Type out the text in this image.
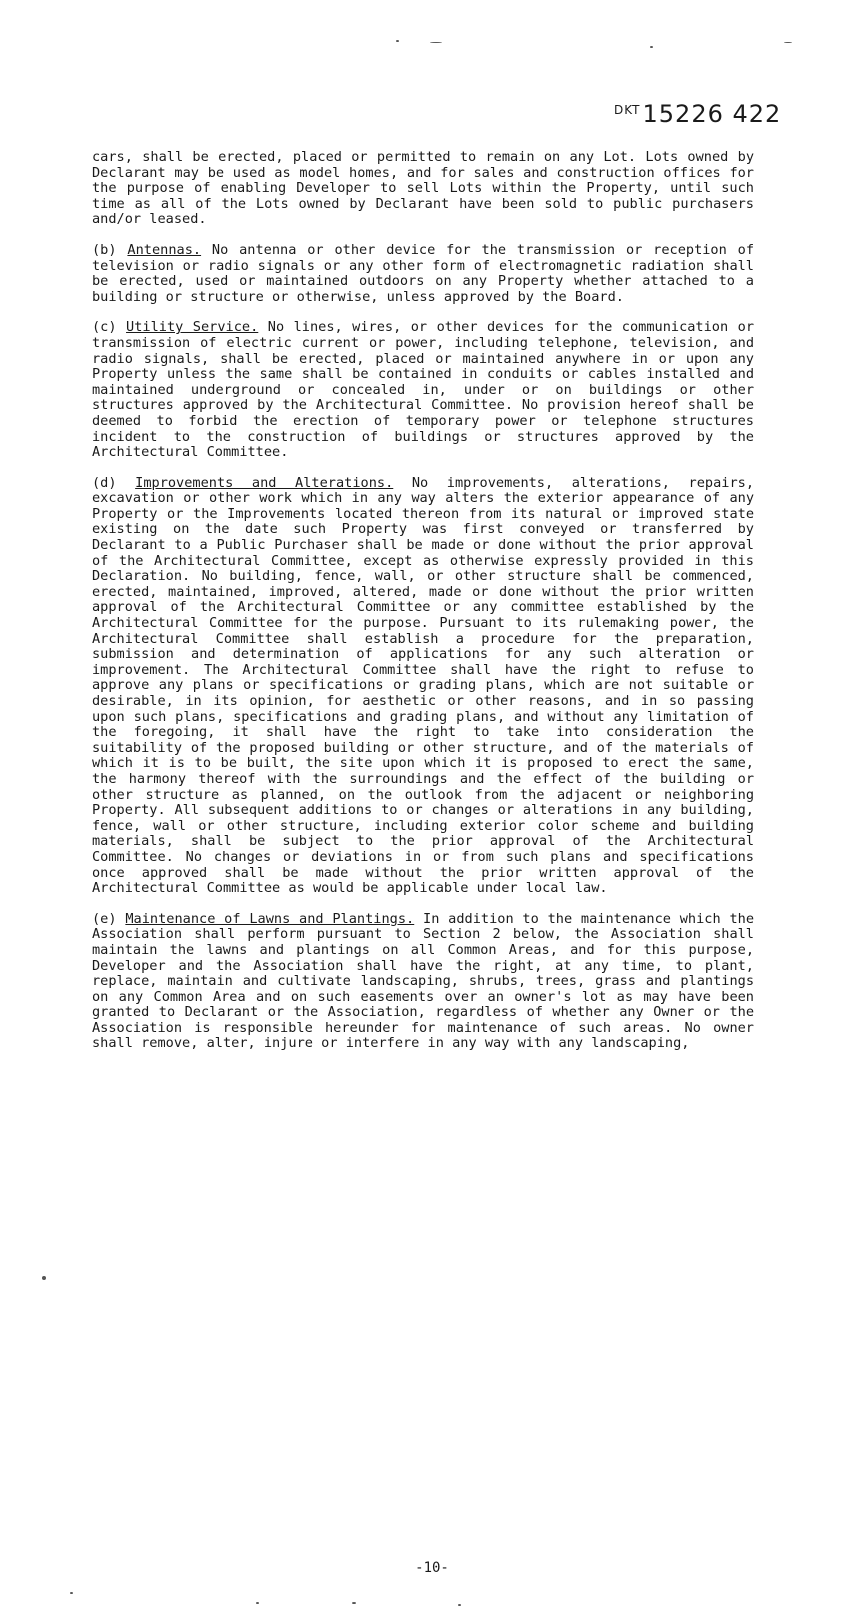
$^{DKT}$15226 422

cars, shall be erected, placed or permitted to remain on any Lot. Lots owned by Declarant may be used as model homes, and for sales and construction offices for the purpose of enabling Developer to sell Lots within the Property, until such time as all of the Lots owned by Declarant have been sold to public purchasers and/or leased.

(b) Antennas. No antenna or other device for the transmission or reception of television or radio signals or any other form of electromagnetic radiation shall be erected, used or maintained outdoors on any Property whether attached to a building or structure or otherwise, unless approved by the Board.

(c) Utility Service. No lines, wires, or other devices for the communication or transmission of electric current or power, including telephone, television, and radio signals, shall be erected, placed or maintained anywhere in or upon any Property unless the same shall be contained in conduits or cables installed and maintained underground or concealed in, under or on buildings or other structures approved by the Architectural Committee. No provision hereof shall be deemed to forbid the erection of temporary power or telephone structures incident to the construction of buildings or structures approved by the Architectural Committee.

(d) Improvements and Alterations. No improvements, alterations, repairs, excavation or other work which in any way alters the exterior appearance of any Property or the Improvements located thereon from its natural or improved state existing on the date such Property was first conveyed or transferred by Declarant to a Public Purchaser shall be made or done without the prior approval of the Architectural Committee, except as otherwise expressly provided in this Declaration. No building, fence, wall, or other structure shall be commenced, erected, maintained, improved, altered, made or done without the prior written approval of the Architectural Committee or any committee established by the Architectural Committee for the purpose. Pursuant to its rulemaking power, the Architectural Committee shall establish a procedure for the preparation, submission and determination of applications for any such alteration or improvement. The Architectural Committee shall have the right to refuse to approve any plans or specifications or grading plans, which are not suitable or desirable, in its opinion, for aesthetic or other reasons, and in so passing upon such plans, specifications and grading plans, and without any limitation of the foregoing, it shall have the right to take into consideration the suitability of the proposed building or other structure, and of the materials of which it is to be built, the site upon which it is proposed to erect the same, the harmony thereof with the surroundings and the effect of the building or other structure as planned, on the outlook from the adjacent or neighboring Property. All subsequent additions to or changes or alterations in any building, fence, wall or other structure, including exterior color scheme and building materials, shall be subject to the prior approval of the Architectural Committee. No changes or deviations in or from such plans and specifications once approved shall be made without the prior written approval of the Architectural Committee as would be applicable under local law.

(e) Maintenance of Lawns and Plantings. In addition to the maintenance which the Association shall perform pursuant to Section 2 below, the Association shall maintain the lawns and plantings on all Common Areas, and for this purpose, Developer and the Association shall have the right, at any time, to plant, replace, maintain and cultivate landscaping, shrubs, trees, grass and plantings on any Common Area and on such easements over an owner's lot as may have been granted to Declarant or the Association, regardless of whether any Owner or the Association is responsible hereunder for maintenance of such areas. No owner shall remove, alter, injure or interfere in any way with any landscaping,

-10-
